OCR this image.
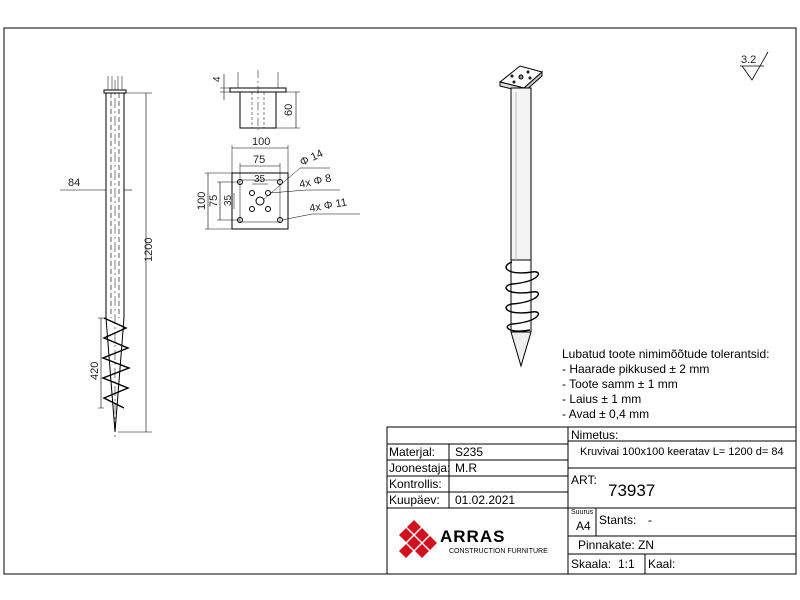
84
1200
420
4
60
100
75
35
100 75 35
Φ 14
4x Φ 8
4x Φ 11
3.2
Lubatud toote nimimõõtude tolerantsid:
- Haarade pikkused ± 2 mm
- Toote samm ± 1 mm
- Laius ± 1 mm
- Avad ± 0,4 mm
Materjal: S235
Joonestaja: M.R
Kontrollis:
Kuupäev: 01.02.2021
ARRAS
CONSTRUCTION FURNITURE
Nimetus:
Kruvivai 100x100 keeratav L= 1200 d= 84
ART:
73937
Suurus
A4 Stants: -
Pinnakate: ZN
Skaala: 1:1 Kaal:
